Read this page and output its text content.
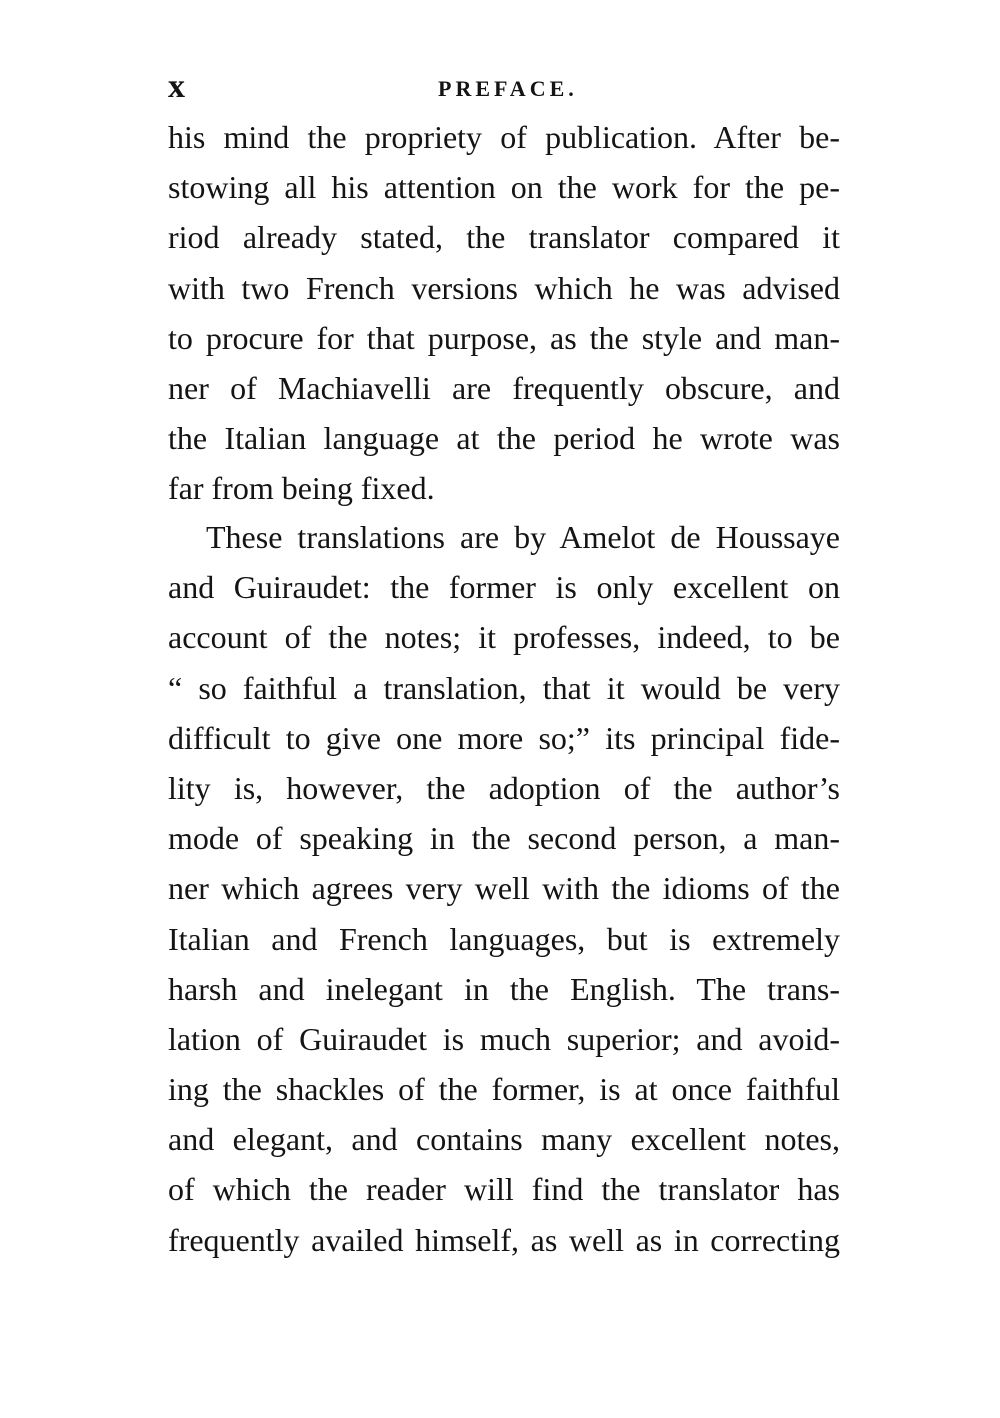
x	PREFACE.
his mind the propriety of publication. After be-
stowing all his attention on the work for the pe-
riod already stated, the translator compared it
with two French versions which he was advised
to procure for that purpose, as the style and man-
ner of Machiavelli are frequently obscure, and
the Italian language at the period he wrote was
far from being fixed.
These translations are by Amelot de Houssaye
and Guiraudet: the former is only excellent on
account of the notes; it professes, indeed, to be
“ so faithful a translation, that it would be very
difficult to give one more so;” its principal fide-
lity is, however, the adoption of the author’s
mode of speaking in the second person, a man-
ner which agrees very well with the idioms of the
Italian and French languages, but is extremely
harsh and inelegant in the English. The trans-
lation of Guiraudet is much superior; and avoid-
ing the shackles of the former, is at once faithful
and elegant, and contains many excellent notes,
of which the reader will find the translator has
frequently availed himself, as well as in correcting
